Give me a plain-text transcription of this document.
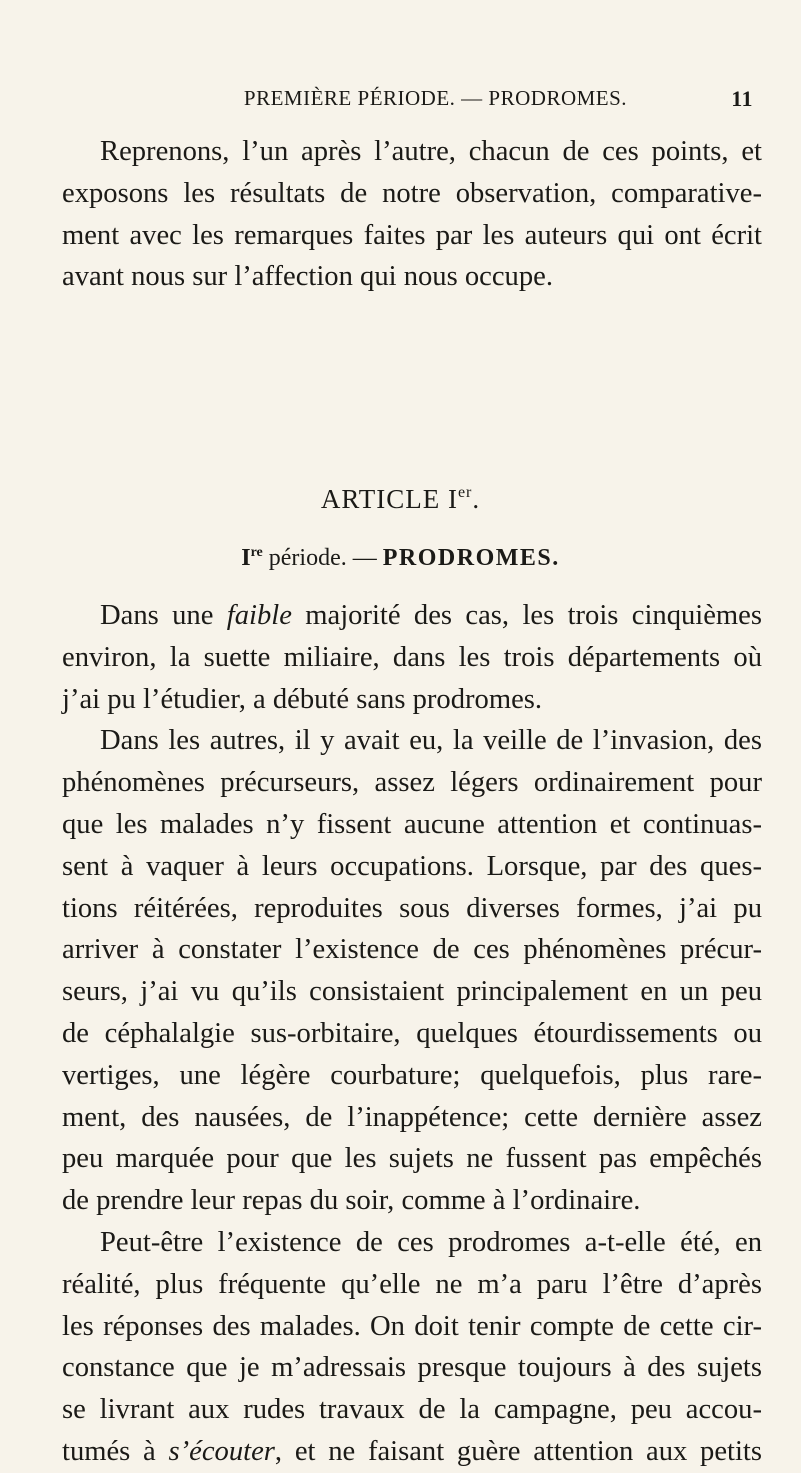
PREMIÈRE PÉRIODE. — PRODROMES.	11

Reprenons, l’un après l’autre, chacun de ces points, et
exposons les résultats de notre observation, comparative-
ment avec les remarques faites par les auteurs qui ont écrit
avant nous sur l’affection qui nous occupe.

ARTICLE Ier.
Ire période. — PRODROMES.

Dans une faible majorité des cas, les trois cinquièmes
environ, la suette miliaire, dans les trois départements où
j’ai pu l’étudier, a débuté sans prodromes.

Dans les autres, il y avait eu, la veille de l’invasion, des
phénomènes précurseurs, assez légers ordinairement pour
que les malades n’y fissent aucune attention et continuas-
sent à vaquer à leurs occupations. Lorsque, par des ques-
tions réitérées, reproduites sous diverses formes, j’ai pu
arriver à constater l’existence de ces phénomènes précur-
seurs, j’ai vu qu’ils consistaient principalement en un peu
de céphalalgie sus-orbitaire, quelques étourdissements ou
vertiges, une légère courbature; quelquefois, plus rare-
ment, des nausées, de l’inappétence; cette dernière assez
peu marquée pour que les sujets ne fussent pas empêchés
de prendre leur repas du soir, comme à l’ordinaire.

Peut-être l’existence de ces prodromes a-t-elle été, en
réalité, plus fréquente qu’elle ne m’a paru l’être d’après
les réponses des malades. On doit tenir compte de cette cir-
constance que je m’adressais presque toujours à des sujets
se livrant aux rudes travaux de la campagne, peu accou-
tumés à s’écouter, et ne faisant guère attention aux petits
